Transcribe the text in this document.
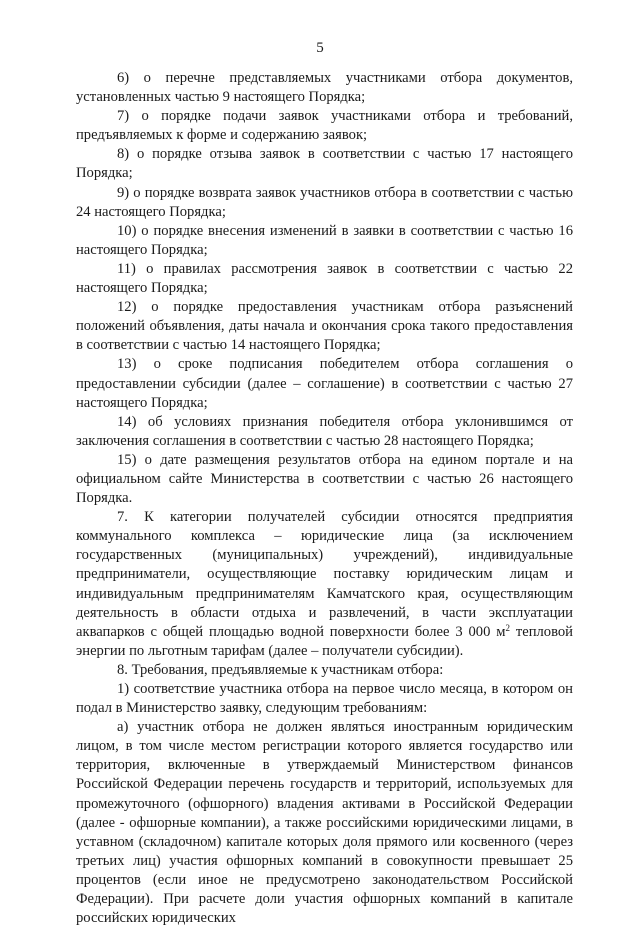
5

6) о перечне представляемых участниками отбора документов, установленных частью 9 настоящего Порядка;

7) о порядке подачи заявок участниками отбора и требований, предъявляемых к форме и содержанию заявок;

8) о порядке отзыва заявок в соответствии с частью 17 настоящего Порядка;

9) о порядке возврата заявок участников отбора в соответствии с частью 24 настоящего Порядка;

10) о порядке внесения изменений в заявки в соответствии с частью 16 настоящего Порядка;

11) о правилах рассмотрения заявок в соответствии с частью 22 настоящего Порядка;

12) о порядке предоставления участникам отбора разъяснений положений объявления, даты начала и окончания срока такого предоставления в соответствии с частью 14 настоящего Порядка;

13) о сроке подписания победителем отбора соглашения о предоставлении субсидии (далее – соглашение) в соответствии с частью 27 настоящего Порядка;

14) об условиях признания победителя отбора уклонившимся от заключения соглашения в соответствии с частью 28 настоящего Порядка;

15) о дате размещения результатов отбора на едином портале и на официальном сайте Министерства в соответствии с частью 26 настоящего Порядка.

7. К категории получателей субсидии относятся предприятия коммунального комплекса – юридические лица (за исключением государственных (муниципальных) учреждений), индивидуальные предприниматели, осуществляющие поставку юридическим лицам и индивидуальным предпринимателям Камчатского края, осуществляющим деятельность в области отдыха и развлечений, в части эксплуатации аквапарков с общей площадью водной поверхности более 3 000 $м^2$ тепловой энергии по льготным тарифам (далее – получатели субсидии).

8. Требования, предъявляемые к участникам отбора:

1) соответствие участника отбора на первое число месяца, в котором он подал в Министерство заявку, следующим требованиям:

а) участник отбора не должен являться иностранным юридическим лицом, в том числе местом регистрации которого является государство или территория, включенные в утверждаемый Министерством финансов Российской Федерации перечень государств и территорий, используемых для промежуточного (офшорного) владения активами в Российской Федерации (далее - офшорные компании), а также российскими юридическими лицами, в уставном (складочном) капитале которых доля прямого или косвенного (через третьих лиц) участия офшорных компаний в совокупности превышает 25 процентов (если иное не предусмотрено законодательством Российской Федерации). При расчете доли участия офшорных компаний в капитале российских юридических
